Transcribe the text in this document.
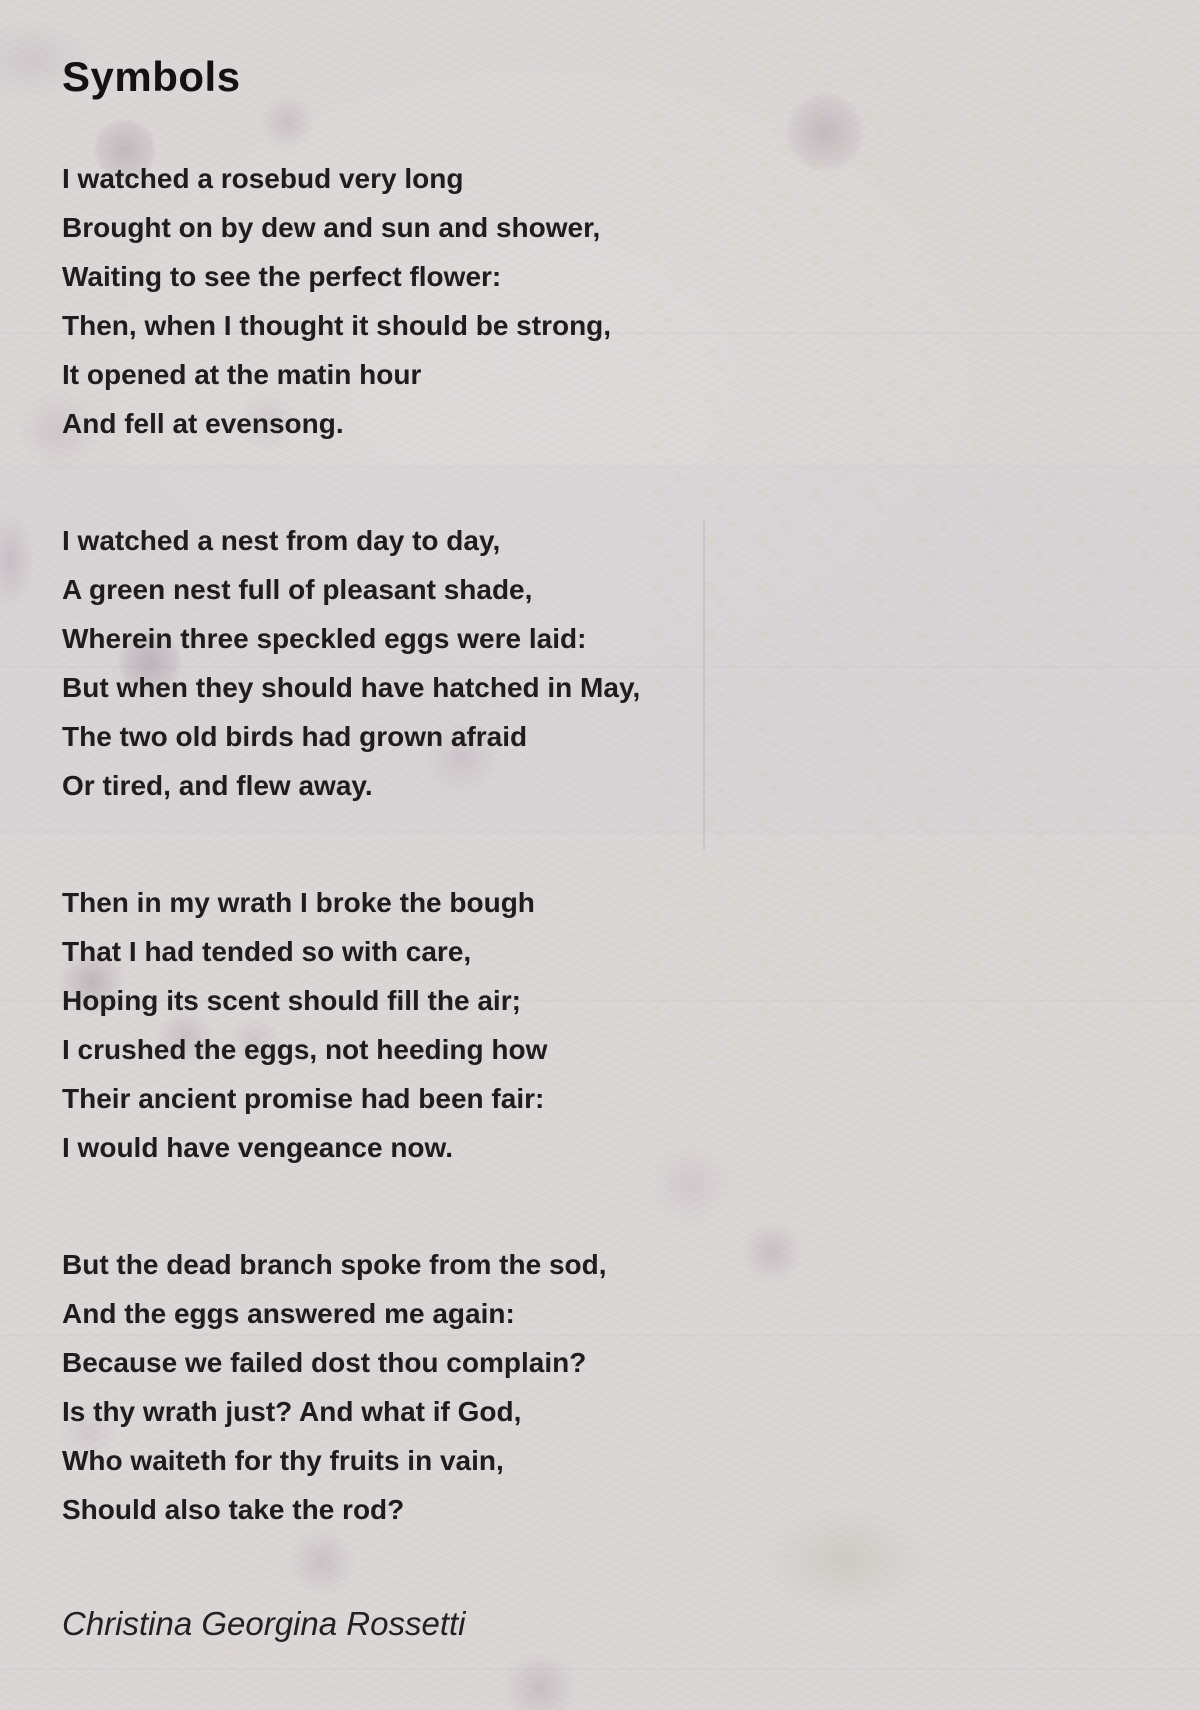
Symbols
I watched a rosebud very long
Brought on by dew and sun and shower,
Waiting to see the perfect flower:
Then, when I thought it should be strong,
It opened at the matin hour
And fell at evensong.
I watched a nest from day to day,
A green nest full of pleasant shade,
Wherein three speckled eggs were laid:
But when they should have hatched in May,
The two old birds had grown afraid
Or tired, and flew away.
Then in my wrath I broke the bough
That I had tended so with care,
Hoping its scent should fill the air;
I crushed the eggs, not heeding how
Their ancient promise had been fair:
I would have vengeance now.
But the dead branch spoke from the sod,
And the eggs answered me again:
Because we failed dost thou complain?
Is thy wrath just? And what if God,
Who waiteth for thy fruits in vain,
Should also take the rod?
Christina Georgina Rossetti
